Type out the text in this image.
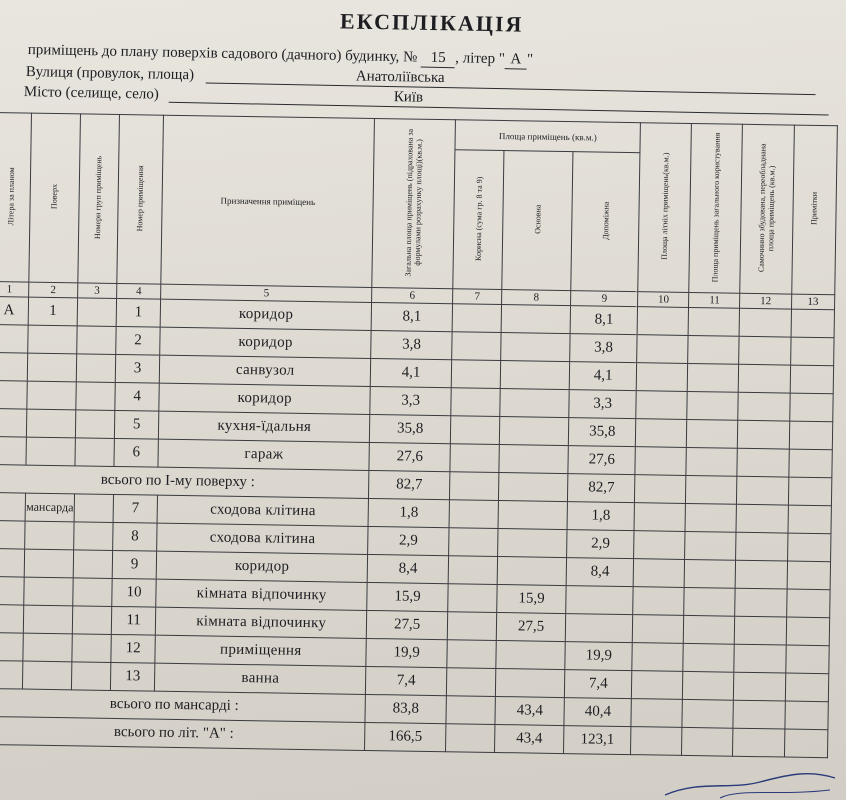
ЕКСПЛІКАЦІЯ
приміщень до плану поверхів садового (дачного) будинку, № 15 , літер " А "
Вулиця (провулок, площа)	Анатоліївська
Місто (селище, село)	Київ
Літера за планом	Поверх	Номери груп приміщень	Номер приміщення	Призначення приміщень	Загальна площа приміщень (підрахована за формулами розрахунку площі)(кв.м.)	Площа приміщень (кв.м.)			Площа літніх приміщень(кв.м.)	Площа приміщень загального користування	Самочинно збудована, переобладнана площа приміщень (кв.м.)	Примітки
						Корисна (сума гр. 8 та 9)	Основна	Допоміжна				
1	2	3	4	5	6	7	8	9	10	11	12	13
А	1		1	коридор	8,1			8,1				
			2	коридор	3,8			3,8				
			3	санвузол	4,1			4,1				
			4	коридор	3,3			3,3				
			5	кухня-їдальня	35,8			35,8				
			6	гараж	27,6			27,6				
всього по І-му поверху :					82,7			82,7				
	мансарда		7	сходова клітина	1,8			1,8				
			8	сходова клітина	2,9			2,9				
			9	коридор	8,4			8,4				
			10	кімната відпочинку	15,9		15,9					
			11	кімната відпочинку	27,5		27,5					
			12	приміщення	19,9			19,9				
			13	ванна	7,4			7,4				
всього по мансарді :					83,8		43,4	40,4				
всього по літ. "А" :					166,5		43,4	123,1				
